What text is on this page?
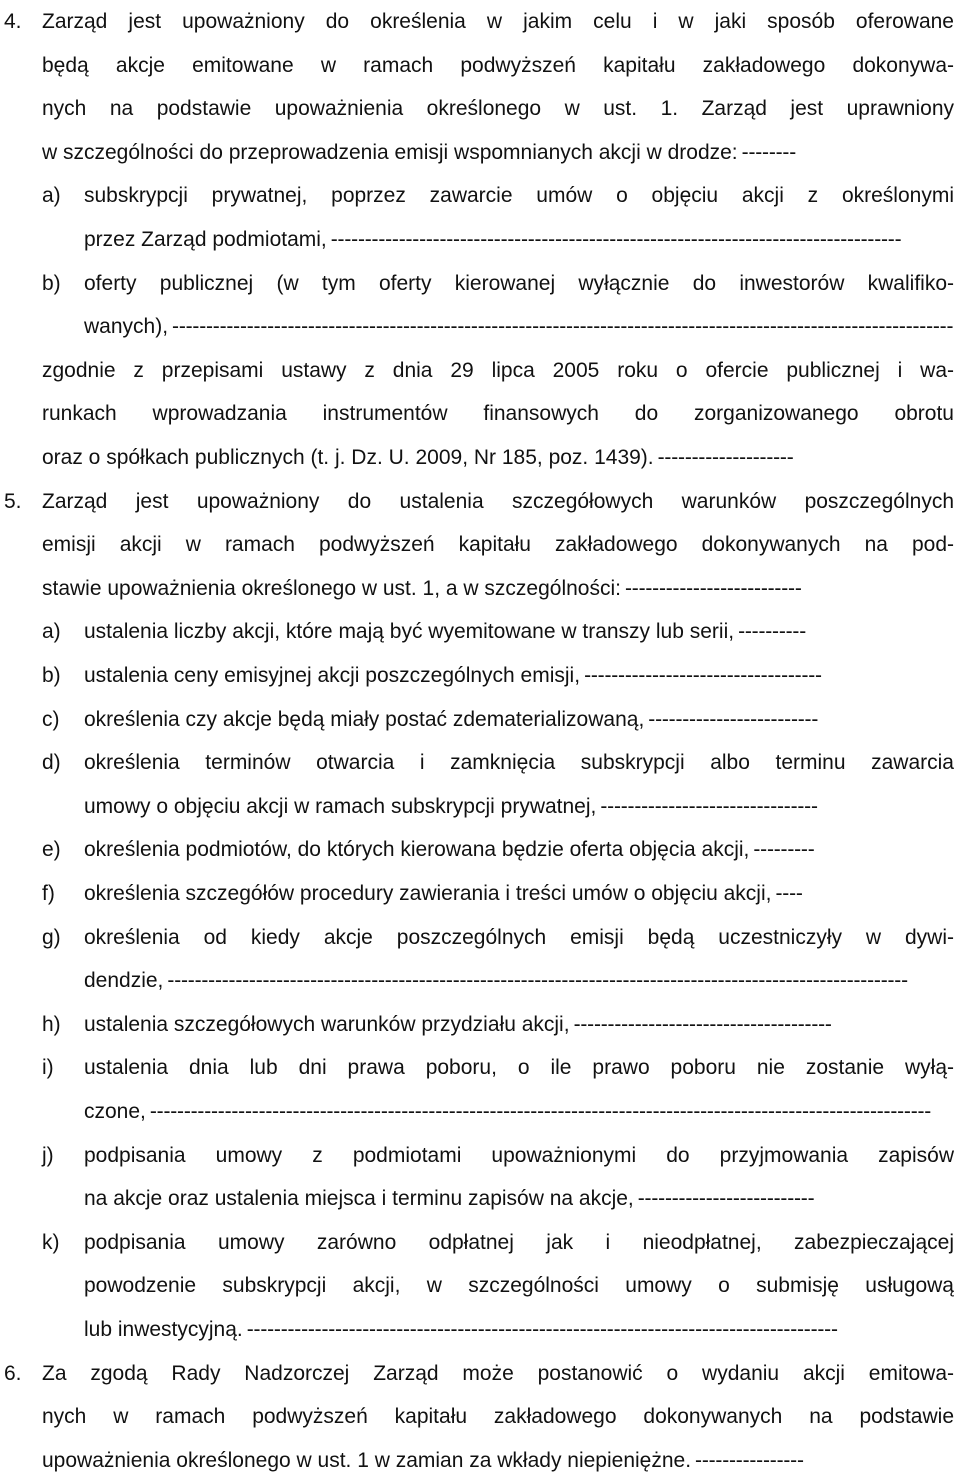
4. Zarząd jest upoważniony do określenia w jakim celu i w jaki sposób oferowane
będą akcje emitowane w ramach podwyższeń kapitału zakładowego dokonywa-
nych na podstawie upoważnienia określonego w ust. 1. Zarząd jest uprawniony
w szczególności do przeprowadzenia emisji wspomnianych akcji w drodze: --------
a) subskrypcji prywatnej, poprzez zawarcie umów o objęciu akcji z określonymi
przez Zarząd podmiotami, ------------------------------------------------------------------------------------
b) oferty publicznej (w tym oferty kierowanej wyłącznie do inwestorów kwalifiko-
wanych), -------------------------------------------------------------------------------------------------------------------
zgodnie z przepisami ustawy z dnia 29 lipca 2005 roku o ofercie publicznej i wa-
runkach wprowadzania instrumentów finansowych do zorganizowanego obrotu
oraz o spółkach publicznych (t. j. Dz. U. 2009, Nr 185, poz. 1439). --------------------
5. Zarząd jest upoważniony do ustalenia szczegółowych warunków poszczególnych
emisji akcji w ramach podwyższeń kapitału zakładowego dokonywanych na pod-
stawie upoważnienia określonego w ust. 1, a w szczególności: --------------------------
a) ustalenia liczby akcji, które mają być wyemitowane w transzy lub serii, ----------
b) ustalenia ceny emisyjnej akcji poszczególnych emisji, -----------------------------------
c) określenia czy akcje będą miały postać zdematerializowaną, -------------------------
d) określenia terminów otwarcia i zamknięcia subskrypcji albo terminu zawarcia
umowy o objęciu akcji w ramach subskrypcji prywatnej, --------------------------------
e) określenia podmiotów, do których kierowana będzie oferta objęcia akcji, ---------
f) określenia szczegółów procedury zawierania i treści umów o objęciu akcji, ----
g) określenia od kiedy akcje poszczególnych emisji będą uczestniczyły w dywi-
dendzie, -------------------------------------------------------------------------------------------------------------
h) ustalenia szczegółowych warunków przydziału akcji, --------------------------------------
i) ustalenia dnia lub dni prawa poboru, o ile prawo poboru nie zostanie wyłą-
czone, -------------------------------------------------------------------------------------------------------------------
j) podpisania umowy z podmiotami upoważnionymi do przyjmowania zapisów
na akcje oraz ustalenia miejsca i terminu zapisów na akcje, --------------------------
k) podpisania umowy zarówno odpłatnej jak i nieodpłatnej, zabezpieczającej
powodzenie subskrypcji akcji, w szczególności umowy o submisję usługową
lub inwestycyjną. ---------------------------------------------------------------------------------------
6. Za zgodą Rady Nadzorczej Zarząd może postanowić o wydaniu akcji emitowa-
nych w ramach podwyższeń kapitału zakładowego dokonywanych na podstawie
upoważnienia określonego w ust. 1 w zamian za wkłady niepieniężne. ----------------
